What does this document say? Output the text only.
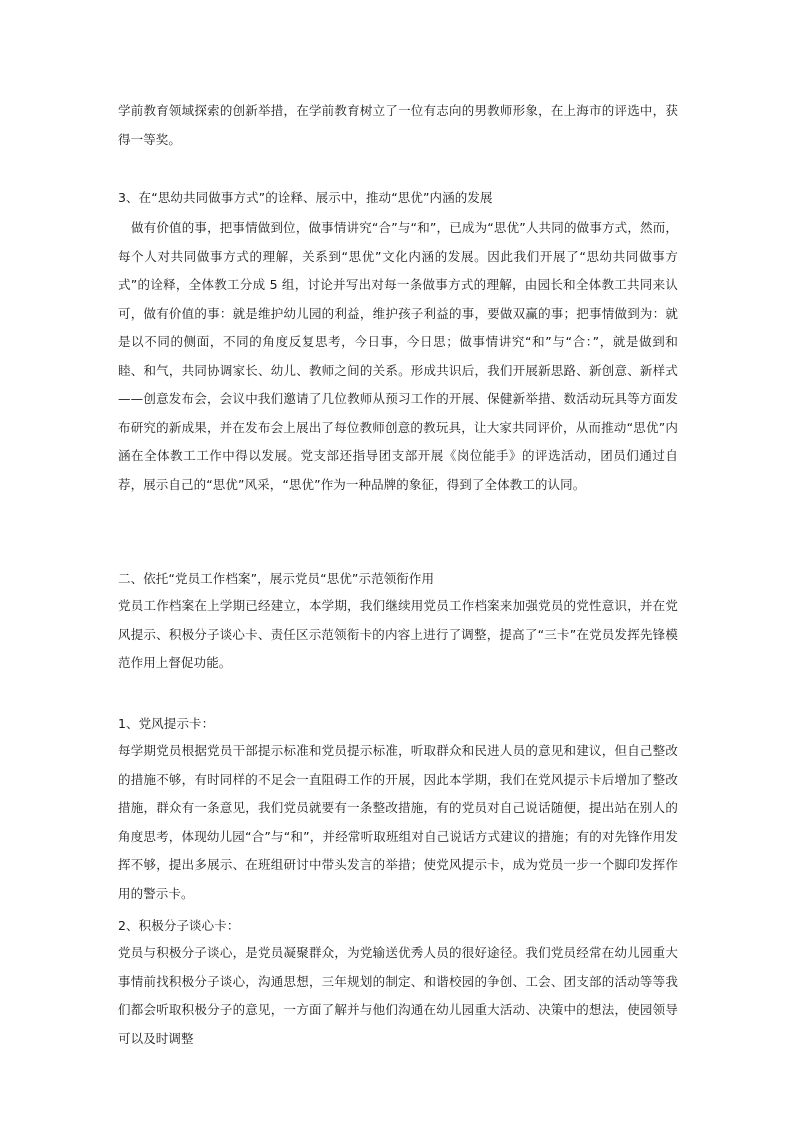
学前教育领域探索的创新举措，在学前教育树立了一位有志向的男教师形象，在上海市的评选中，获得一等奖。

3、在“思幼共同做事方式”的诠释、展示中，推动“思优”内涵的发展

做有价值的事，把事情做到位，做事情讲究“合”与“和”，已成为“思优”人共同的做事方式，然而，每个人对共同做事方式的理解，关系到“思优”文化内涵的发展。因此我们开展了“思幼共同做事方式”的诠释，全体教工分成 5 组，讨论并写出对每一条做事方式的理解，由园长和全体教工共同来认可，做有价值的事：就是维护幼儿园的利益，维护孩子利益的事，要做双赢的事；把事情做到为：就是以不同的侧面，不同的角度反复思考，今日事，今日思；做事情讲究“和”与“合：”，就是做到和睦、和气，共同协调家长、幼儿、教师之间的关系。形成共识后，我们开展新思路、新创意、新样式——创意发布会，会议中我们邀请了几位教师从预习工作的开展、保健新举措、数活动玩具等方面发布研究的新成果，并在发布会上展出了每位教师创意的教玩具，让大家共同评价，从而推动“思优”内涵在全体教工工作中得以发展。党支部还指导团支部开展《岗位能手》的评选活动，团员们通过自荐，展示自己的“思优”风采，“思优”作为一种品牌的象征，得到了全体教工的认同。

二、依托“党员工作档案”，展示党员“思优”示范领衔作用

党员工作档案在上学期已经建立，本学期，我们继续用党员工作档案来加强党员的党性意识，并在党风提示、积极分子谈心卡、责任区示范领衔卡的内容上进行了调整，提高了“三卡”在党员发挥先锋模范作用上督促功能。

1、党风提示卡：

每学期党员根据党员干部提示标准和党员提示标准，听取群众和民进人员的意见和建议，但自己整改的措施不够，有时同样的不足会一直阻碍工作的开展，因此本学期，我们在党风提示卡后增加了整改措施，群众有一条意见，我们党员就要有一条整改措施，有的党员对自己说话随便，提出站在别人的角度思考，体现幼儿园“合”与“和”，并经常听取班组对自己说话方式建议的措施；有的对先锋作用发挥不够，提出多展示、在班组研讨中带头发言的举措；使党风提示卡，成为党员一步一个脚印发挥作用的警示卡。

2、积极分子谈心卡：

党员与积极分子谈心，是党员凝聚群众，为党输送优秀人员的很好途径。我们党员经常在幼儿园重大事情前找积极分子谈心，沟通思想，三年规划的制定、和谐校园的争创、工会、团支部的活动等等我们都会听取积极分子的意见，一方面了解并与他们沟通在幼儿园重大活动、决策中的想法，使园领导可以及时调整
